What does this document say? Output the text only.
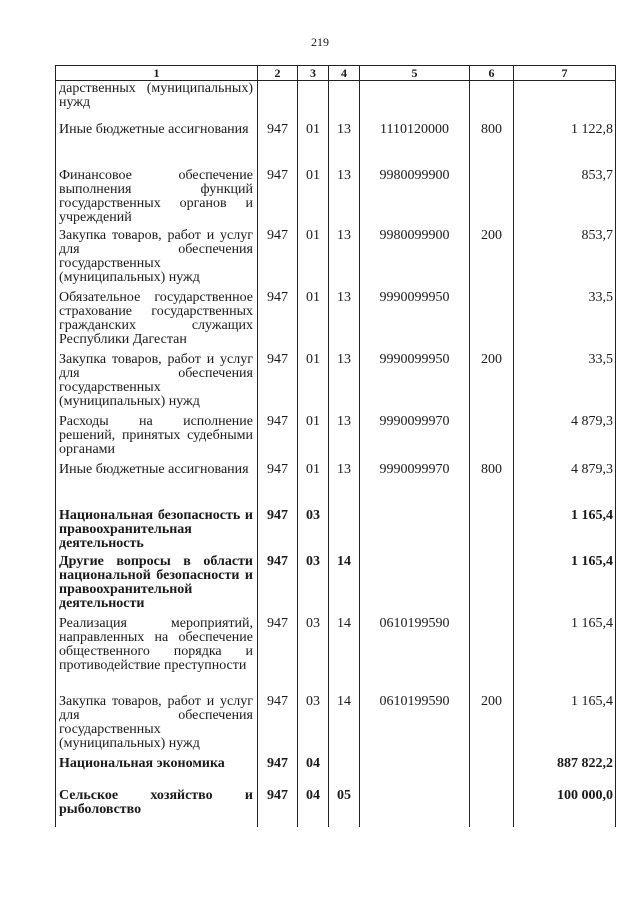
219
1	2	3	4	5	6	7
дарственных (муниципальных) нужд						
Иные бюджетные ассигнования	947	01	13	1110120000	800	1 122,8
Финансовое обеспечение выполнения функций государственных органов и учреждений	947	01	13	9980099900		853,7
Закупка товаров, работ и услуг для обеспечения государственных (муниципальных) нужд	947	01	13	9980099900	200	853,7
Обязательное государственное страхование государственных гражданских служащих Республики Дагестан	947	01	13	9990099950		33,5
Закупка товаров, работ и услуг для обеспечения государственных (муниципальных) нужд	947	01	13	9990099950	200	33,5
Расходы на исполнение решений, принятых судебными органами	947	01	13	9990099970		4 879,3
Иные бюджетные ассигнования	947	01	13	9990099970	800	4 879,3
Национальная безопасность и правоохранительная деятельность	947	03				1 165,4
Другие вопросы в области национальной безопасности и правоохранительной деятельности	947	03	14			1 165,4
Реализация мероприятий, направленных на обеспечение общественного порядка и противодействие преступности	947	03	14	0610199590		1 165,4
Закупка товаров, работ и услуг для обеспечения государственных (муниципальных) нужд	947	03	14	0610199590	200	1 165,4
Национальная экономика	947	04				887 822,2
Сельское хозяйство и рыболовство	947	04	05			100 000,0
